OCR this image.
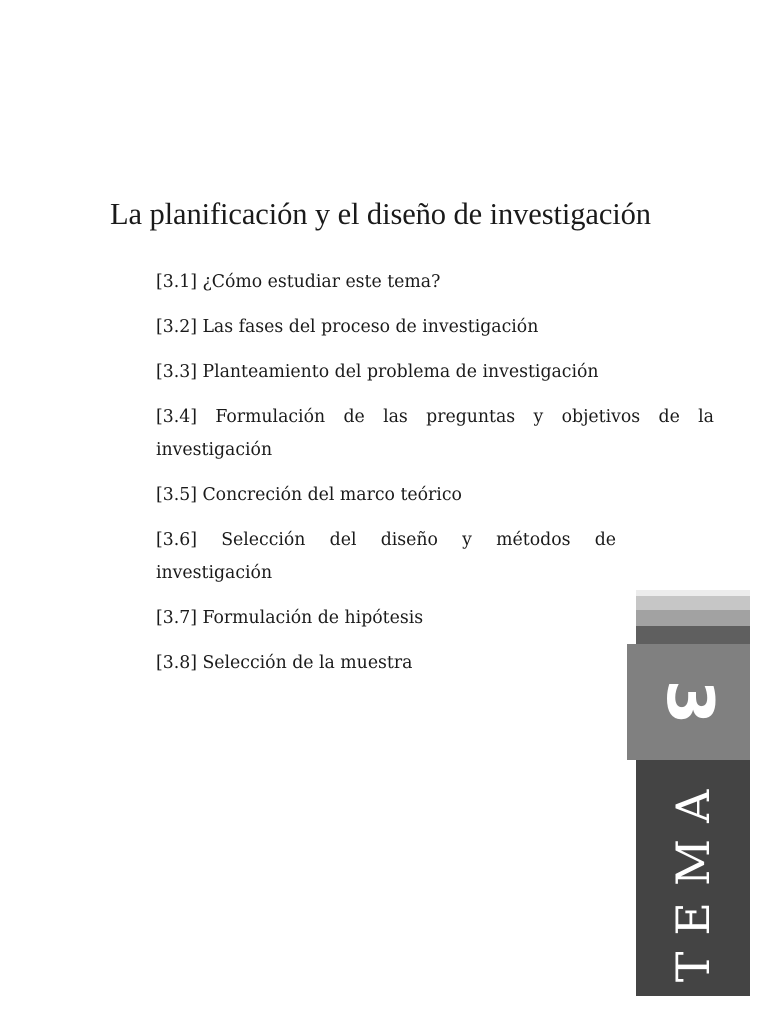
La planificación y el diseño de investigación
[3.1] ¿Cómo estudiar este tema?
[3.2] Las fases del proceso de investigación
[3.3] Planteamiento del problema de investigación
[3.4] Formulación de las preguntas y objetivos de la investigación
[3.5] Concreción del marco teórico
[3.6] Selección del diseño y métodos de investigación
[3.7] Formulación de hipótesis
[3.8] Selección de la muestra
3
TEMA
